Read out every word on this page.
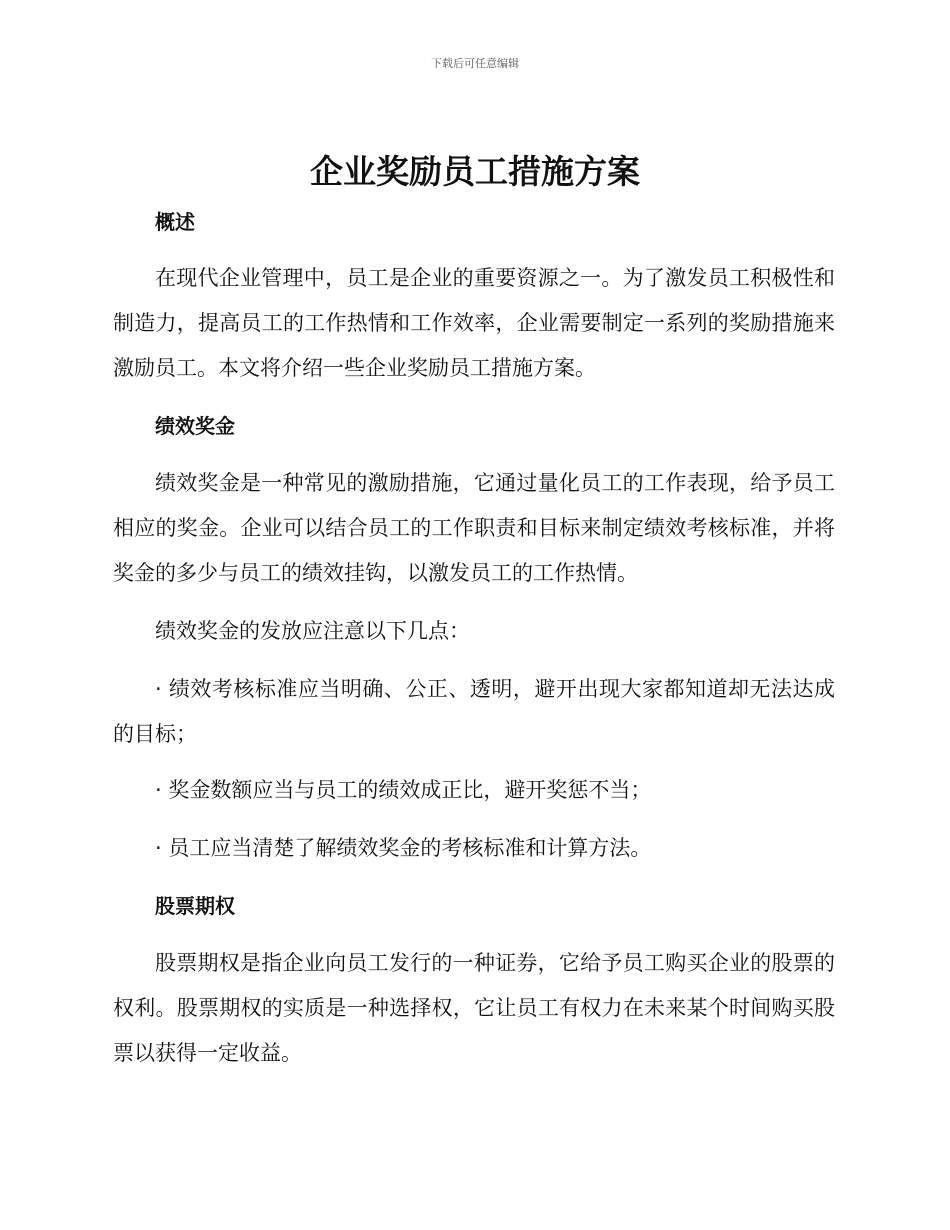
下载后可任意编辑
企业奖励员工措施方案
概述

在现代企业管理中，员工是企业的重要资源之一。为了激发员工积极性和制造力，提高员工的工作热情和工作效率，企业需要制定一系列的奖励措施来激励员工。本文将介绍一些企业奖励员工措施方案。

绩效奖金

绩效奖金是一种常见的激励措施，它通过量化员工的工作表现，给予员工相应的奖金。企业可以结合员工的工作职责和目标来制定绩效考核标准，并将奖金的多少与员工的绩效挂钩，以激发员工的工作热情。

绩效奖金的发放应注意以下几点：

· 绩效考核标准应当明确、公正、透明，避开出现大家都知道却无法达成的目标；

· 奖金数额应当与员工的绩效成正比，避开奖惩不当；

· 员工应当清楚了解绩效奖金的考核标准和计算方法。

股票期权

股票期权是指企业向员工发行的一种证券，它给予员工购买企业的股票的权利。股票期权的实质是一种选择权，它让员工有权力在未来某个时间购买股票以获得一定收益。
